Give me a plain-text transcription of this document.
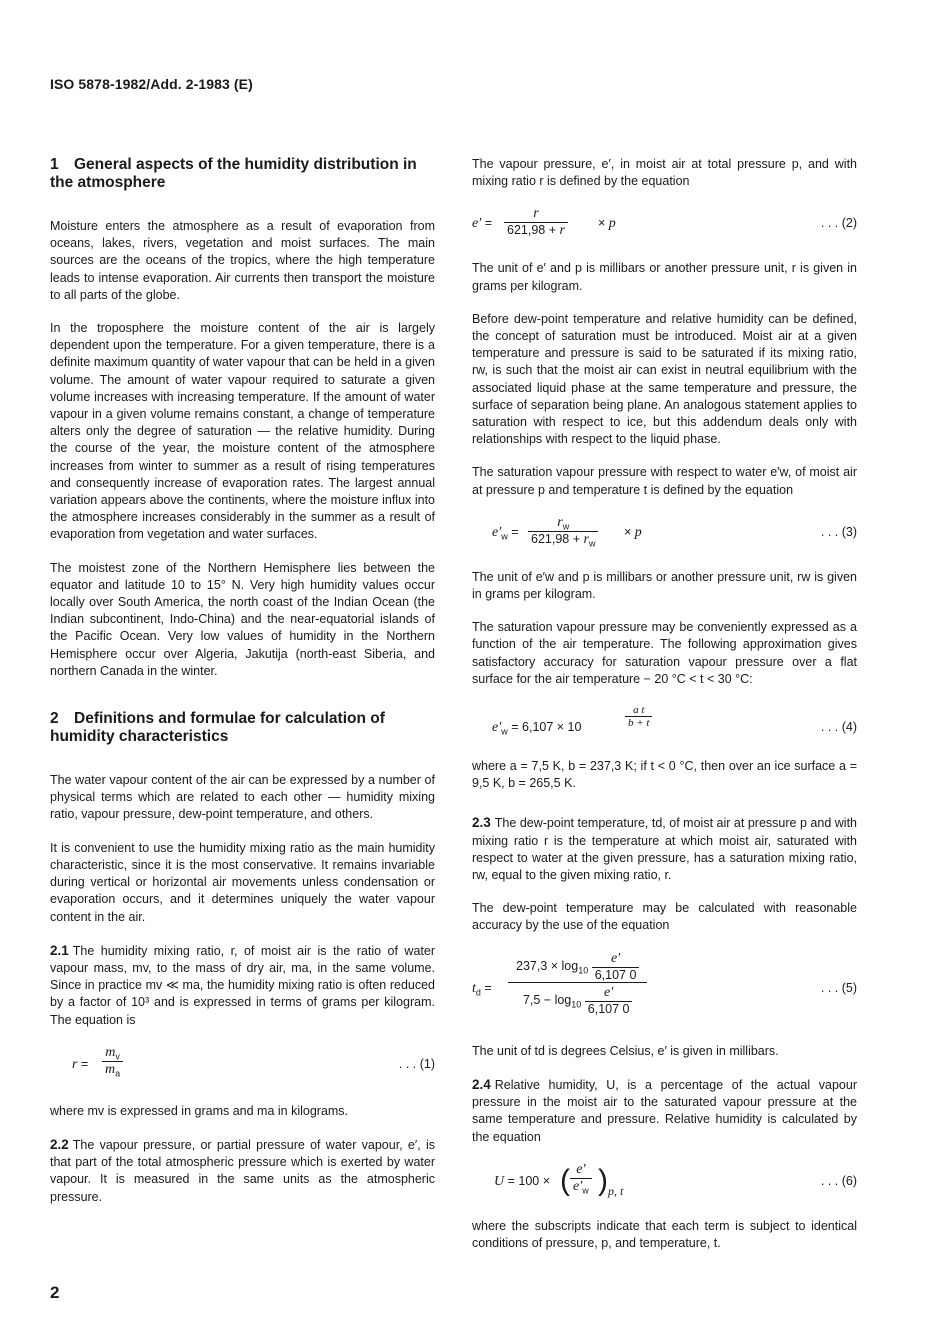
ISO 5878-1982/Add. 2-1983 (E)
1 General aspects of the humidity distribution in the atmosphere

Moisture enters the atmosphere as a result of evaporation from oceans, lakes, rivers, vegetation and moist surfaces. The main sources are the oceans of the tropics, where the high temperature leads to intense evaporation. Air currents then transport the moisture to all parts of the globe.

In the troposphere the moisture content of the air is largely dependent upon the temperature. For a given temperature, there is a definite maximum quantity of water vapour that can be held in a given volume. The amount of water vapour required to saturate a given volume increases with increasing temperature. If the amount of water vapour in a given volume remains constant, a change of temperature alters only the degree of saturation — the relative humidity. During the course of the year, the moisture content of the atmosphere increases from winter to summer as a result of rising temperatures and consequently increase of evaporation rates. The largest annual variation appears above the continents, where the moisture influx into the atmosphere increases considerably in the summer as a result of evaporation from vegetation and water surfaces.

The moistest zone of the Northern Hemisphere lies between the equator and latitude 10 to 15° N. Very high humidity values occur locally over South America, the north coast of the Indian Ocean (the Indian subcontinent, Indo-China) and the near-equatorial islands of the Pacific Ocean. Very low values of humidity in the Northern Hemisphere occur over Algeria, Jakutija (north-east Siberia, and northern Canada in the winter.

2 Definitions and formulae for calculation of humidity characteristics

The water vapour content of the air can be expressed by a number of physical terms which are related to each other — humidity mixing ratio, vapour pressure, dew-point temperature, and others.

It is convenient to use the humidity mixing ratio as the main humidity characteristic, since it is the most conservative. It remains invariable during vertical or horizontal air movements unless condensation or evaporation occurs, and it determines uniquely the water vapour content in the air.

2.1 The humidity mixing ratio, r, of moist air is the ratio of water vapour mass, mv, to the mass of dry air, ma, in the same volume. Since in practice mv ≪ ma, the humidity mixing ratio is often reduced by a factor of 10³ and is expressed in terms of grams per kilogram. The equation is

$r = \frac{m_v}{m_a}$	. . . (1)

where mv is expressed in grams and ma in kilograms.

2.2 The vapour pressure, or partial pressure of water vapour, e′, is that part of the total atmospheric pressure which is exerted by water vapour. It is measured in the same units as the atmospheric pressure.

The vapour pressure, e′, in moist air at total pressure p, and with mixing ratio r is defined by the equation

$e' = \frac{r}{621,98 + r} \times p$	. . . (2)

The unit of e′ and p is millibars or another pressure unit, r is given in grams per kilogram.

Before dew-point temperature and relative humidity can be defined, the concept of saturation must be introduced. Moist air at a given temperature and pressure is said to be saturated if its mixing ratio, rw, is such that the moist air can exist in neutral equilibrium with the associated liquid phase at the same temperature and pressure, the surface of separation being plane. An analogous statement applies to saturation with respect to ice, but this addendum deals only with relationships with respect to the liquid phase.

The saturation vapour pressure with respect to water e′w, of moist air at pressure p and temperature t is defined by the equation

$e'_w = \frac{r_w}{621,98 + r_w} \times p$	. . . (3)

The unit of e′w and p is millibars or another pressure unit, rw is given in grams per kilogram.

The saturation vapour pressure may be conveniently expressed as a function of the air temperature. The following approximation gives satisfactory accuracy for saturation vapour pressure over a flat surface for the air temperature − 20 °C < t < 30 °C:

$e'_w = 6,107 \times 10$	$\frac{\text{a t}}{b + t}$	. . . (4)

where a = 7,5 K, b = 237,3 K; if t < 0 °C, then over an ice surface a = 9,5 K, b = 265,5 K.

2.3 The dew-point temperature, td, of moist air at pressure p and with mixing ratio r is the temperature at which moist air, saturated with respect to water at the given pressure, has a saturation mixing ratio, rw, equal to the given mixing ratio, r.

The dew-point temperature may be calculated with reasonable accuracy by the use of the equation

$t_d = \frac{237,3 \times \log_{10} \frac{e'}{6,107 0}}{7,5 - \log_{10} \frac{e'}{6,107 0}}$	. . . (5)

The unit of td is degrees Celsius, e′ is given in millibars.

2.4 Relative humidity, U, is a percentage of the actual vapour pressure in the moist air to the saturated vapour pressure at the same temperature and pressure. Relative humidity is calculated by the equation

U = 100 × ( $\frac{e'}{e'_w}$ ) p, t
. . . (6)

where the subscripts indicate that each term is subject to identical conditions of pressure, p, and temperature, t.

2
